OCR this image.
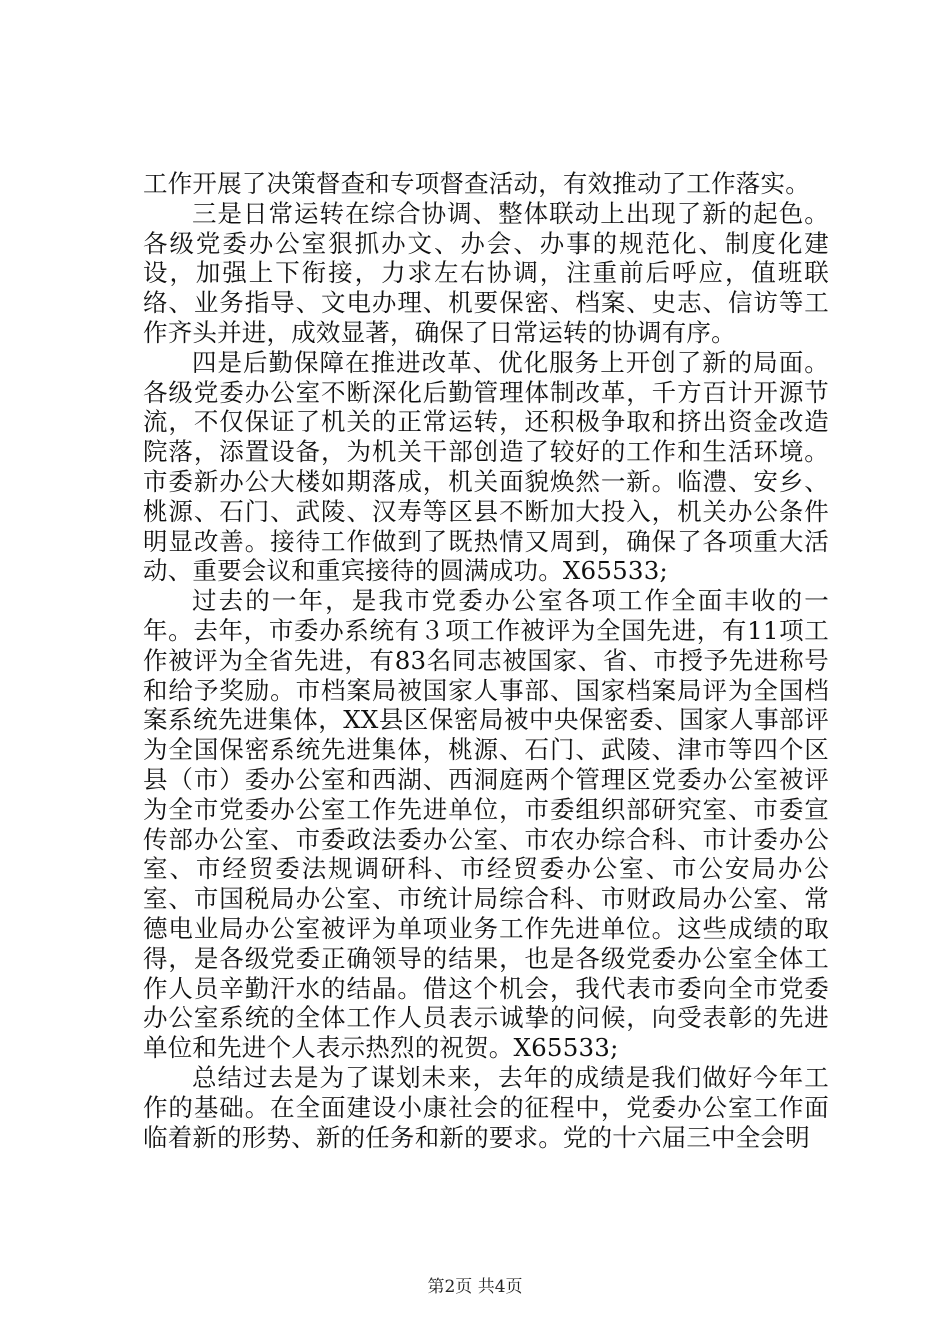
工作开展了决策督查和专项督查活动，有效推动了工作落实。

三是日常运转在综合协调、整体联动上出现了新的起色。各级党委办公室狠抓办文、办会、办事的规范化、制度化建设，加强上下衔接，力求左右协调，注重前后呼应，值班联络、业务指导、文电办理、机要保密、档案、史志、信访等工作齐头并进，成效显著，确保了日常运转的协调有序。

四是后勤保障在推进改革、优化服务上开创了新的局面。各级党委办公室不断深化后勤管理体制改革，千方百计开源节流，不仅保证了机关的正常运转，还积极争取和挤出资金改造院落，添置设备，为机关干部创造了较好的工作和生活环境。市委新办公大楼如期落成，机关面貌焕然一新。临澧、安乡、桃源、石门、武陵、汉寿等区县不断加大投入，机关办公条件明显改善。接待工作做到了既热情又周到，确保了各项重大活动、重要会议和重宾接待的圆满成功。X65533;

过去的一年，是我市党委办公室各项工作全面丰收的一年。去年，市委办系统有３项工作被评为全国先进，有11项工作被评为全省先进，有83名同志被国家、省、市授予先进称号和给予奖励。市档案局被国家人事部、国家档案局评为全国档案系统先进集体，XX县区保密局被中央保密委、国家人事部评为全国保密系统先进集体，桃源、石门、武陵、津市等四个区县（市）委办公室和西湖、西洞庭两个管理区党委办公室被评为全市党委办公室工作先进单位，市委组织部研究室、市委宣传部办公室、市委政法委办公室、市农办综合科、市计委办公室、市经贸委法规调研科、市经贸委办公室、市公安局办公室、市国税局办公室、市统计局综合科、市财政局办公室、常德电业局办公室被评为单项业务工作先进单位。这些成绩的取得，是各级党委正确领导的结果，也是各级党委办公室全体工作人员辛勤汗水的结晶。借这个机会，我代表市委向全市党委办公室系统的全体工作人员表示诚挚的问候，向受表彰的先进单位和先进个人表示热烈的祝贺。X65533;

总结过去是为了谋划未来，去年的成绩是我们做好今年工作的基础。在全面建设小康社会的征程中，党委办公室工作面临着新的形势、新的任务和新的要求。党的十六届三中全会明

第2页 共4页
